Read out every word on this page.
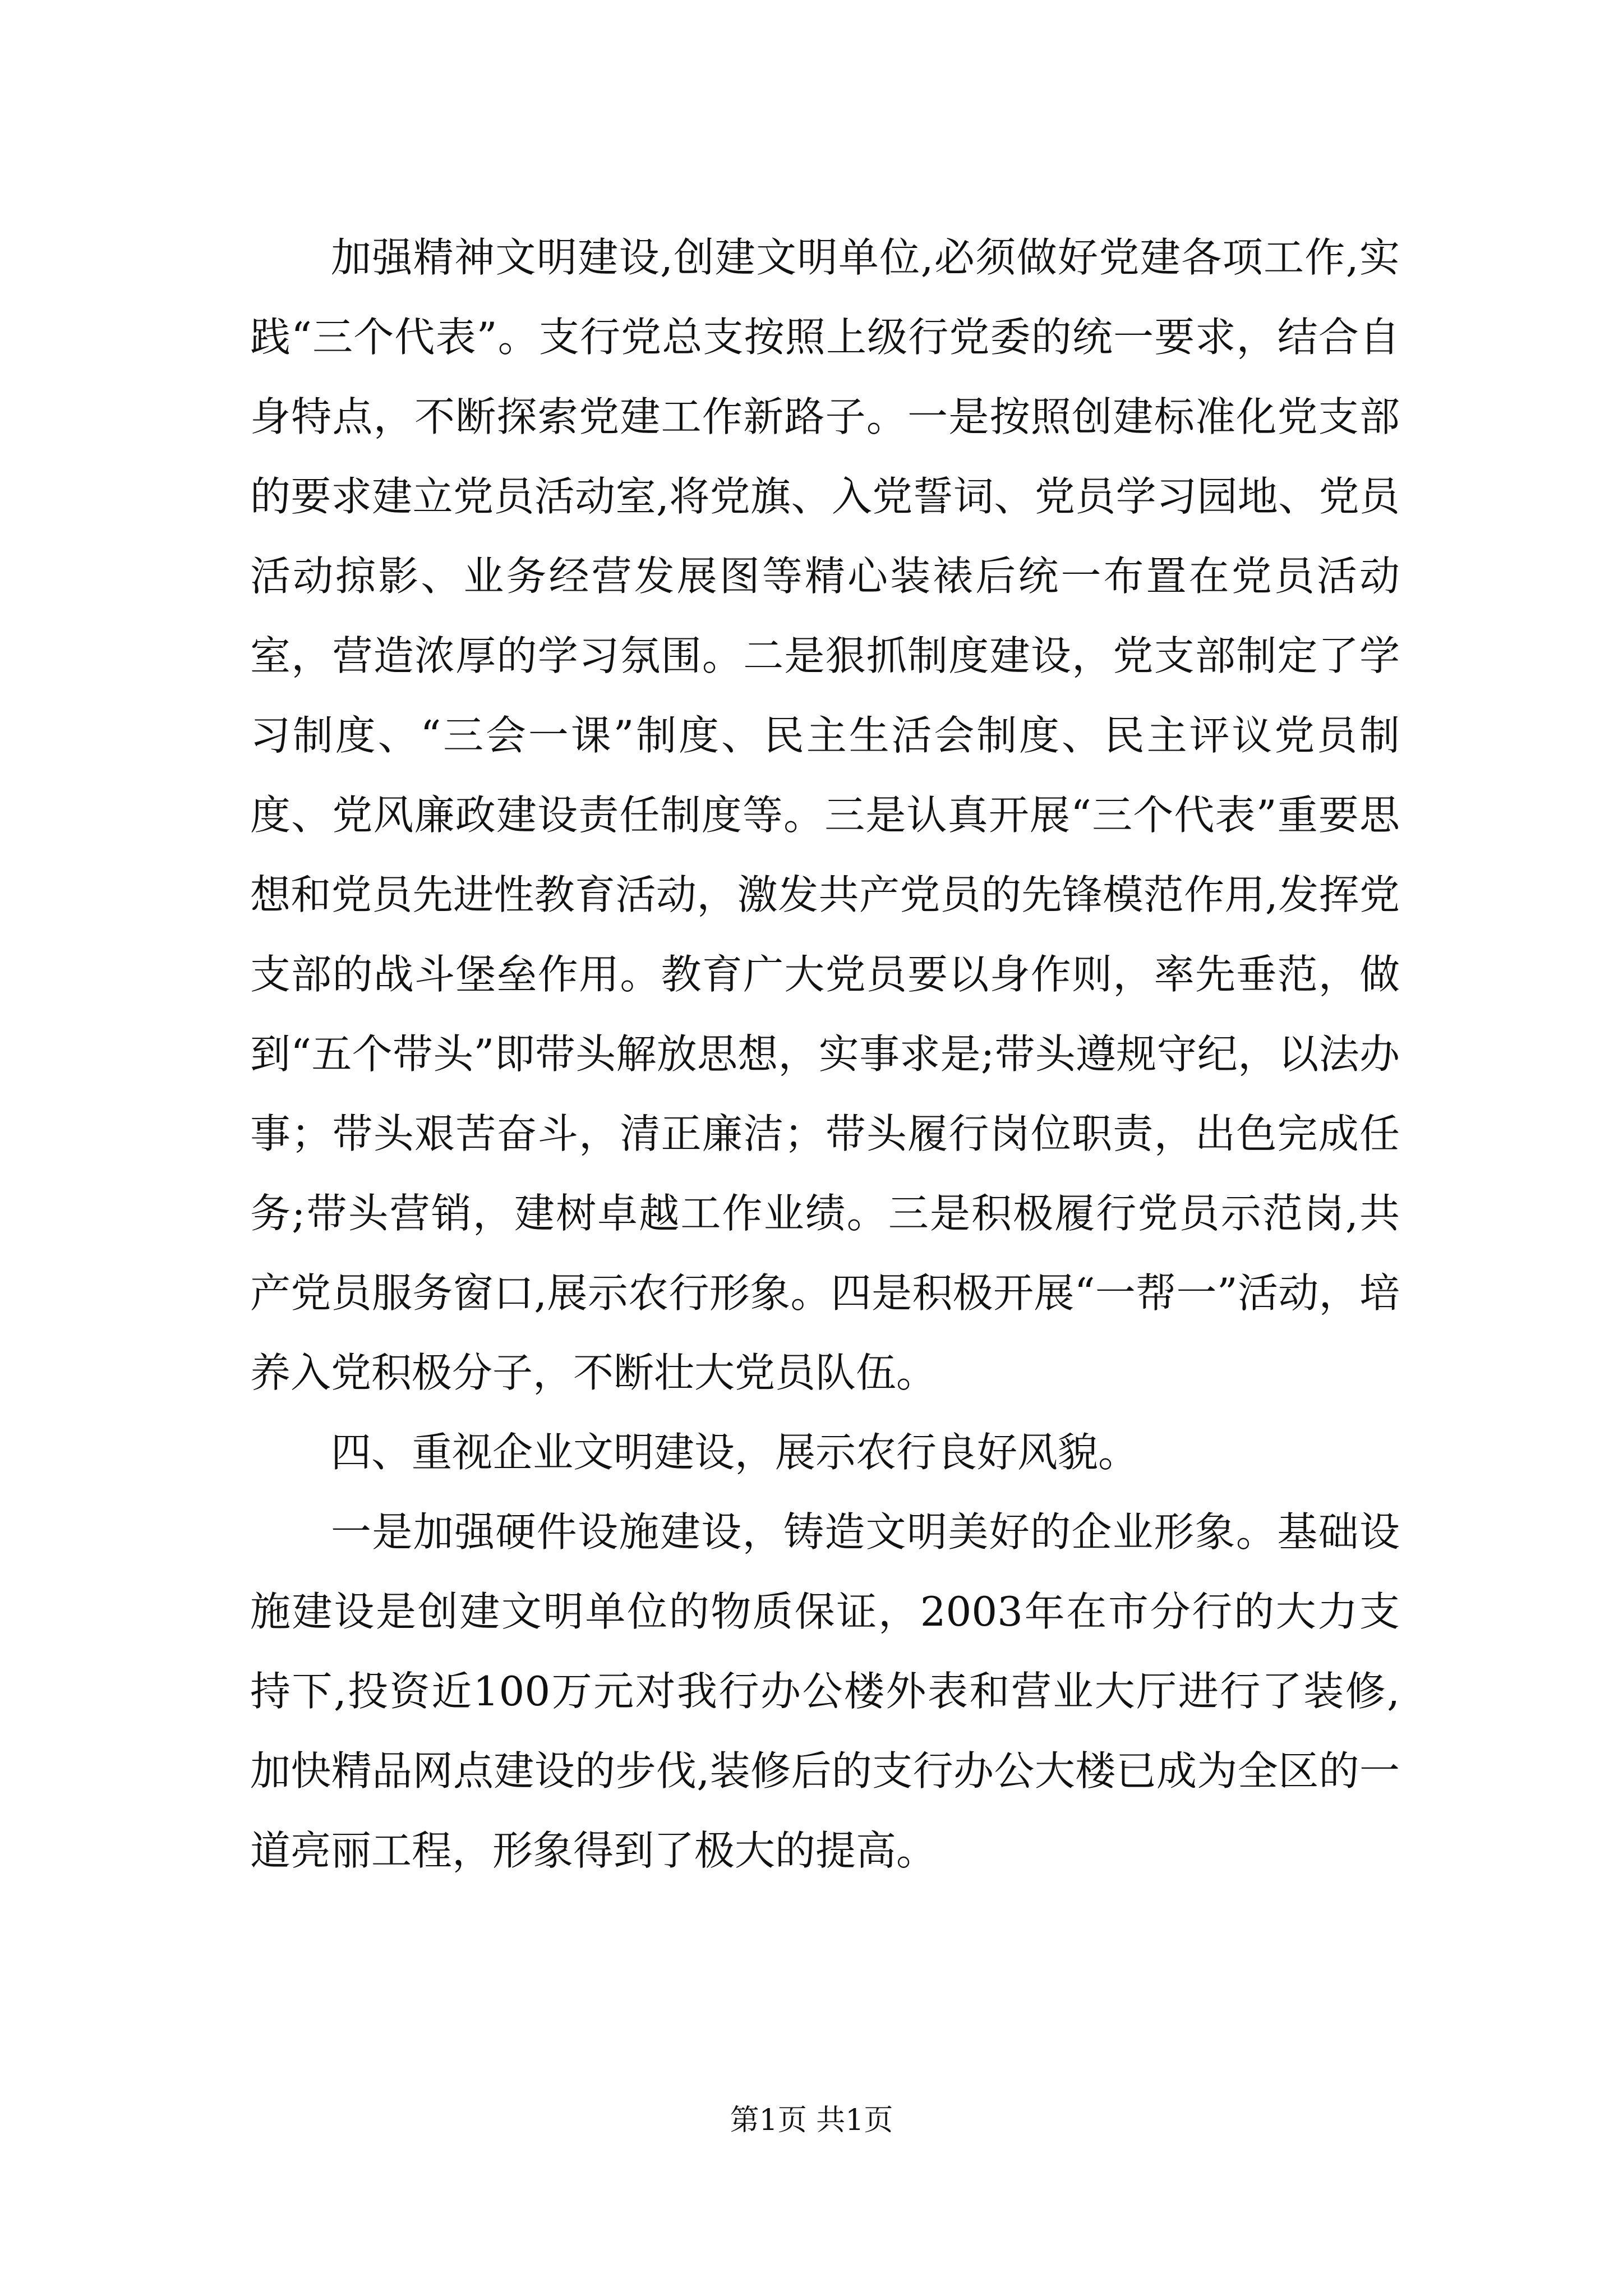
加强精神文明建设,创建文明单位,必须做好党建各项工作,实践“三个代表”。支行党总支按照上级行党委的统一要求，结合自身特点，不断探索党建工作新路子。一是按照创建标准化党支部的要求建立党员活动室,将党旗、入党誓词、党员学习园地、党员活动掠影、业务经营发展图等精心装裱后统一布置在党员活动室，营造浓厚的学习氛围。二是狠抓制度建设，党支部制定了学习制度、“三会一课”制度、民主生活会制度、民主评议党员制度、党风廉政建设责任制度等。三是认真开展“三个代表”重要思想和党员先进性教育活动，激发共产党员的先锋模范作用,发挥党支部的战斗堡垒作用。教育广大党员要以身作则，率先垂范，做到“五个带头”即带头解放思想，实事求是;带头遵规守纪，以法办事；带头艰苦奋斗，清正廉洁；带头履行岗位职责，出色完成任务;带头营销，建树卓越工作业绩。三是积极履行党员示范岗,共产党员服务窗口,展示农行形象。四是积极开展“一帮一”活动，培养入党积极分子，不断壮大党员队伍。

四、重视企业文明建设，展示农行良好风貌。

一是加强硬件设施建设，铸造文明美好的企业形象。基础设施建设是创建文明单位的物质保证，2003年在市分行的大力支持下,投资近100万元对我行办公楼外表和营业大厅进行了装修,加快精品网点建设的步伐,装修后的支行办公大楼已成为全区的一道亮丽工程，形象得到了极大的提高。

第1页 共1页
